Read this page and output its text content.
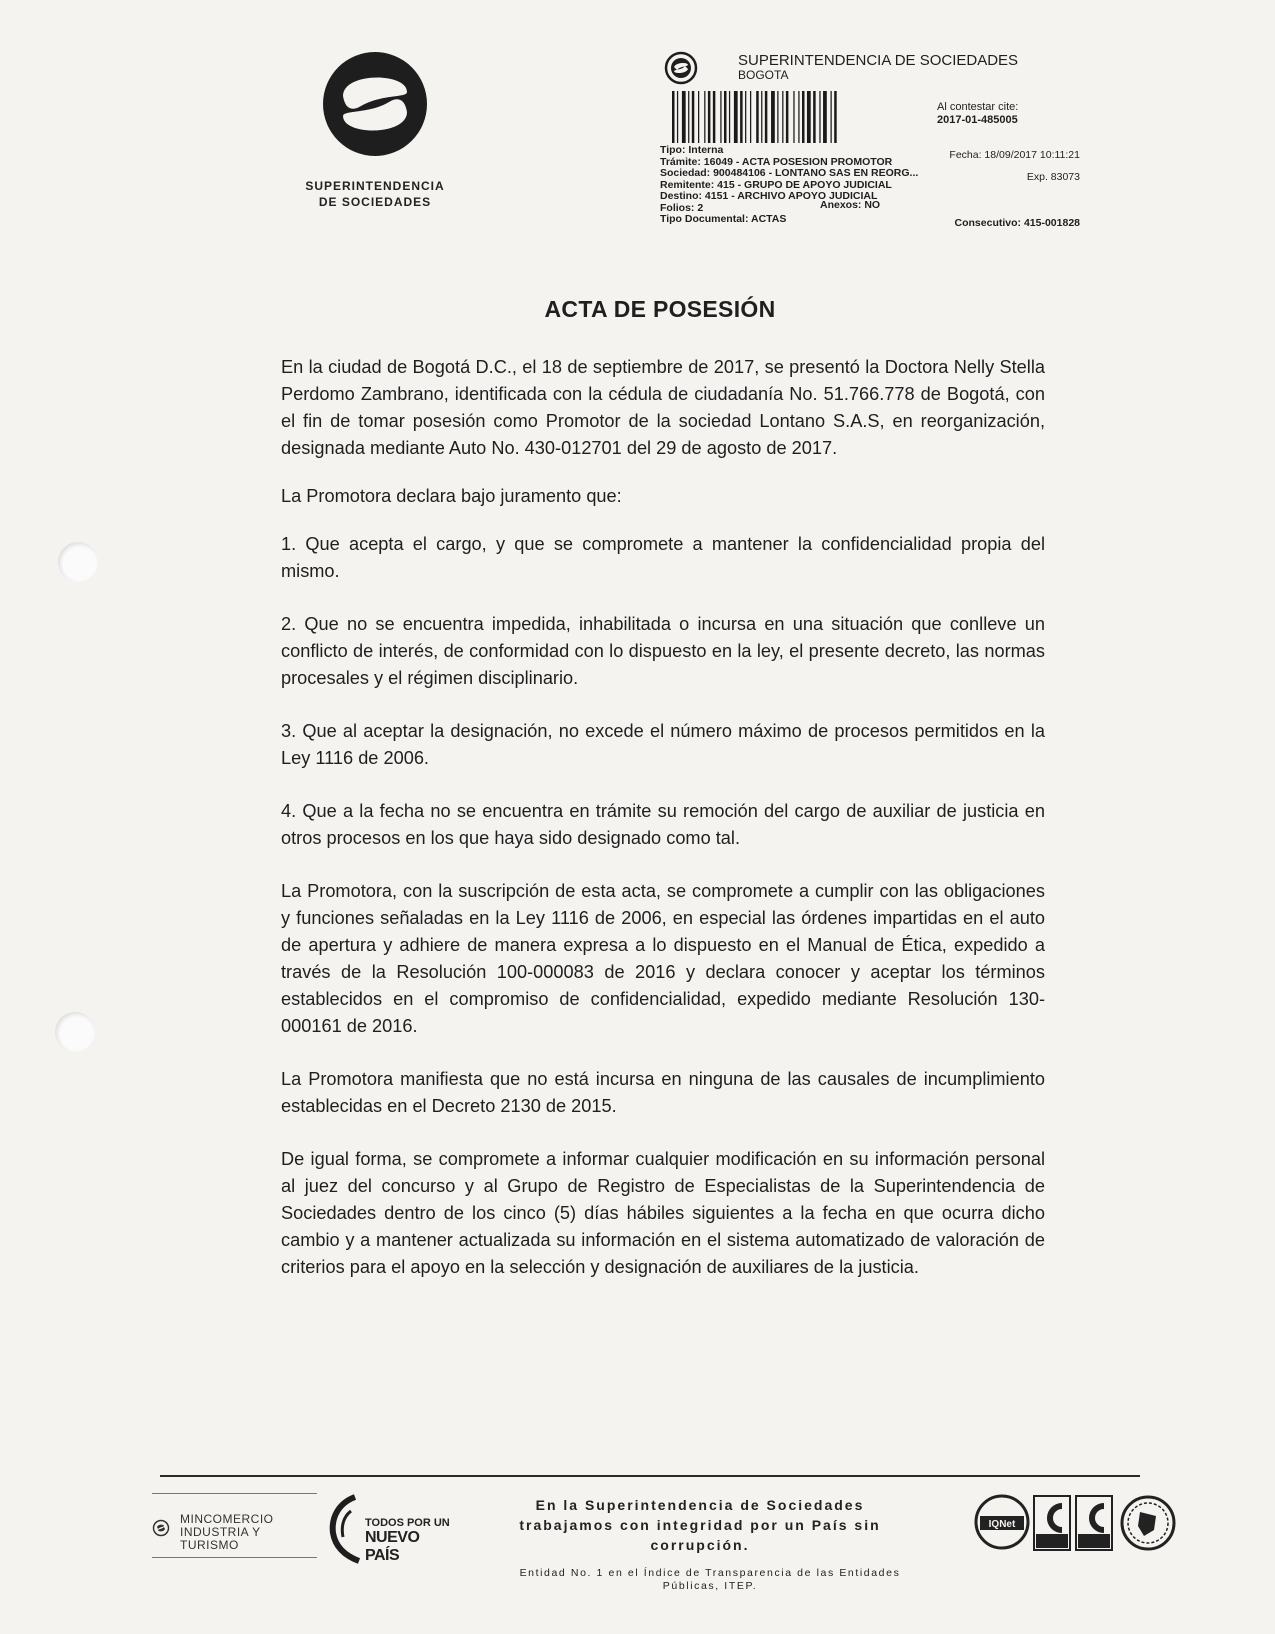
SUPERINTENDENCIA
DE SOCIEDADES
SUPERINTENDENCIA DE SOCIEDADES
BOGOTA
Al contestar cite:
2017-01-485005
Tipo: Interna	Fecha: 18/09/2017 10:11:21
Trámite: 16049 - ACTA POSESION PROMOTOR
Sociedad: 900484106 - LONTANO SAS EN REORG...	Exp. 83073
Remitente: 415 - GRUPO DE APOYO JUDICIAL
Destino: 4151 - ARCHIVO APOYO JUDICIAL
Folios: 2	Anexos: NO
Tipo Documental: ACTAS	Consecutivo: 415-001828
ACTA DE POSESIÓN

En la ciudad de Bogotá D.C., el 18 de septiembre de 2017, se presentó la Doctora Nelly Stella Perdomo Zambrano, identificada con la cédula de ciudadanía No. 51.766.778 de Bogotá, con el fin de tomar posesión como Promotor de la sociedad Lontano S.A.S, en reorganización, designada mediante Auto No. 430-012701 del 29 de agosto de 2017.

La Promotora declara bajo juramento que:

1. Que acepta el cargo, y que se compromete a mantener la confidencialidad propia del mismo.

2. Que no se encuentra impedida, inhabilitada o incursa en una situación que conlleve un conflicto de interés, de conformidad con lo dispuesto en la ley, el presente decreto, las normas procesales y el régimen disciplinario.

3. Que al aceptar la designación, no excede el número máximo de procesos permitidos en la Ley 1116 de 2006.

4. Que a la fecha no se encuentra en trámite su remoción del cargo de auxiliar de justicia en otros procesos en los que haya sido designado como tal.

La Promotora, con la suscripción de esta acta, se compromete a cumplir con las obligaciones y funciones señaladas en la Ley 1116 de 2006, en especial las órdenes impartidas en el auto de apertura y adhiere de manera expresa a lo dispuesto en el Manual de Ética, expedido a través de la Resolución 100-000083 de 2016 y declara conocer y aceptar los términos establecidos en el compromiso de confidencialidad, expedido mediante Resolución 130-000161 de 2016.

La Promotora manifiesta que no está incursa en ninguna de las causales de incumplimiento establecidas en el Decreto 2130 de 2015.

De igual forma, se compromete a informar cualquier modificación en su información personal al juez del concurso y al Grupo de Registro de Especialistas de la Superintendencia de Sociedades dentro de los cinco (5) días hábiles siguientes a la fecha en que ocurra dicho cambio y a mantener actualizada su información en el sistema automatizado de valoración de criterios para el apoyo en la selección y designación de auxiliares de la justicia.

MINCOMERCIO
INDUSTRIA Y TURISMO
TODOS POR UN
NUEVO PAÍS
En la Superintendencia de Sociedades
trabajamos con integridad por un País sin
corrupción.
Entidad No. 1 en el Índice de Transparencia de las Entidades
Públicas, ITEP.
IQNet
